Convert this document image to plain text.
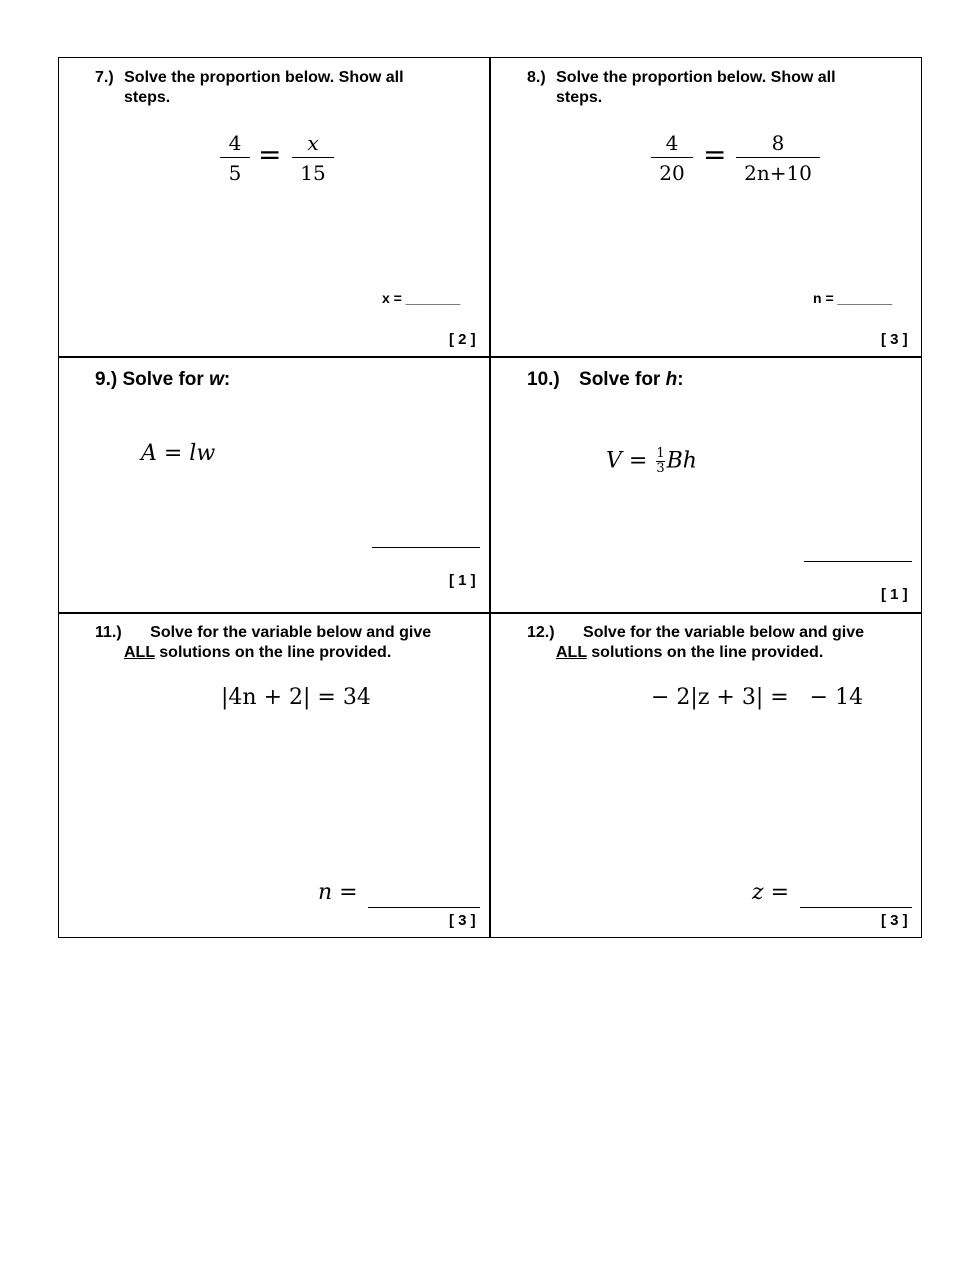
7.) Solve the proportion below. Show all
steps.
4
5
=	x
15
x = _______
[ 2 ]
8.) Solve the proportion below. Show all
steps.
4
20
=	8
2n+10
n = _______
[ 3 ]
9.) Solve for w:
A = lw
[ 1 ]
10.) Solve for h:
$V = \frac{1}{3}Bh$
[ 1 ]
11.) Solve for the variable below and give
ALL solutions on the line provided.
|4n + 2| = 34
n =
[ 3 ]
12.) Solve for the variable below and give
ALL solutions on the line provided.
− 2|z + 3| =   − 14
z =
[ 3 ]
